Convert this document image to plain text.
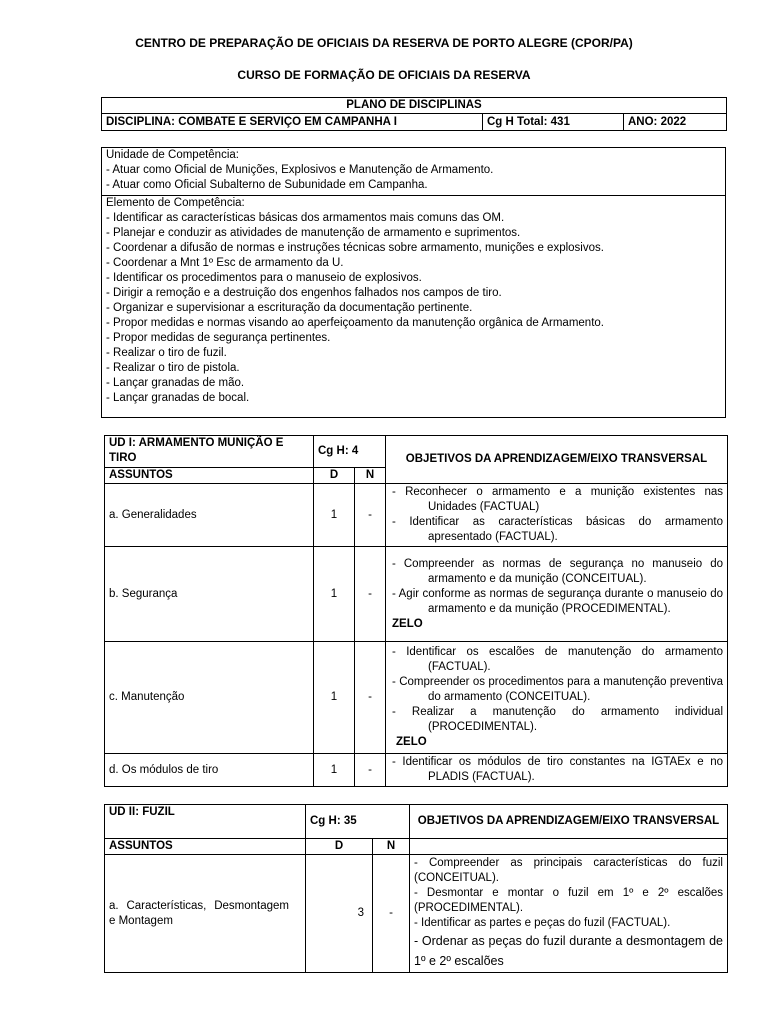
CENTRO DE PREPARAÇÃO DE OFICIAIS DA RESERVA DE PORTO ALEGRE (CPOR/PA)
CURSO DE FORMAÇÃO DE OFICIAIS DA RESERVA
PLANO DE DISCIPLINAS
DISCIPLINA: COMBATE E SERVIÇO EM CAMPANHA I	Cg H Total: 431	ANO: 2022
Unidade de Competência:
- Atuar como Oficial de Munições, Explosivos e Manutenção de Armamento.
- Atuar como Oficial Subalterno de Subunidade em Campanha.

Elemento de Competência:
- Identificar as características básicas dos armamentos mais comuns das OM.
- Planejar e conduzir as atividades de manutenção de armamento e suprimentos.
- Coordenar a difusão de normas e instruções técnicas sobre armamento, munições e explosivos.
- Coordenar a Mnt 1º Esc de armamento da U.
- Identificar os procedimentos para o manuseio de explosivos.
- Dirigir a remoção e a destruição dos engenhos falhados nos campos de tiro.
- Organizar e supervisionar a escrituração da documentação pertinente.
- Propor medidas e normas visando ao aperfeiçoamento da manutenção orgânica de Armamento.
- Propor medidas de segurança pertinentes.
- Realizar o tiro de fuzil.
- Realizar o tiro de pistola.
- Lançar granadas de mão.
- Lançar granadas de bocal.
UD I: ARMAMENTO MUNIÇÃO E TIRO	Cg H: 4		OBJETIVOS DA APRENDIZAGEM/EIXO TRANSVERSAL
ASSUNTOS	D	N	
a. Generalidades	1	-	- Reconhecer o armamento e a munição existentes nas Unidades (FACTUAL)
- Identificar as características básicas do armamento apresentado (FACTUAL).

b. Segurança	1	-	- Compreender as normas de segurança no manuseio do armamento e da munição (CONCEITUAL).
- Agir conforme as normas de segurança durante o manuseio do armamento e da munição (PROCEDIMENTAL).
ZELO

c. Manutenção	1	-	- Identificar os escalões de manutenção do armamento (FACTUAL).
- Compreender os procedimentos para a manutenção preventiva do armamento (CONCEITUAL).
- Realizar a manutenção do armamento individual (PROCEDIMENTAL).
ZELO

d. Os módulos de tiro	1	-	- Identificar os módulos de tiro constantes na IGTAEx e no PLADIS (FACTUAL).
UD II: FUZIL	Cg H: 35		OBJETIVOS DA APRENDIZAGEM/EIXO TRANSVERSAL
ASSUNTOS	D	N	

a. Características, Desmontagem e Montagem	3	-	- Compreender as principais características do fuzil (CONCEITUAL).
- Desmontar e montar o fuzil em 1º e 2º escalões (PROCEDIMENTAL).
- Identificar as partes e peças do fuzil (FACTUAL).
- Ordenar as peças do fuzil durante a desmontagem de 1º e 2º escalões
